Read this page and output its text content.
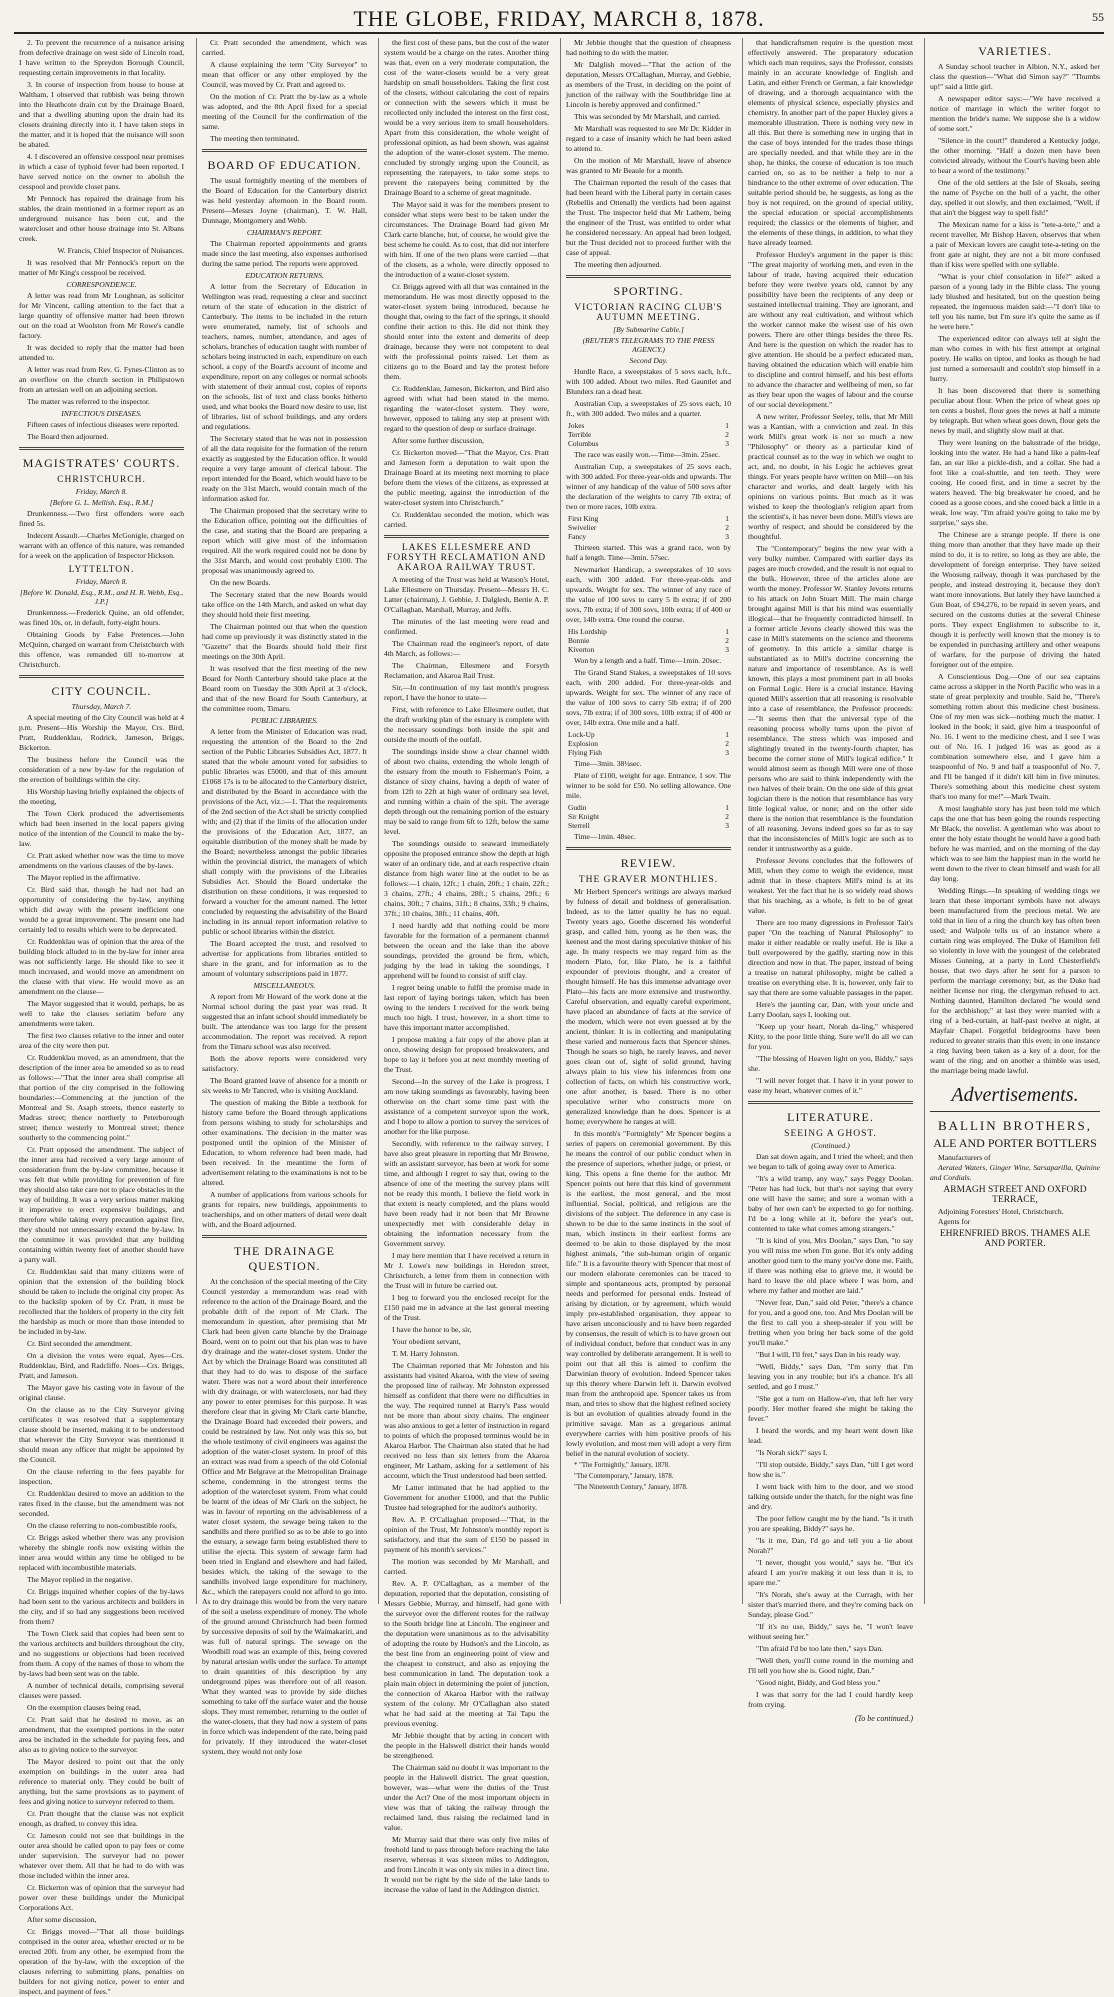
THE GLOBE, FRIDAY, MARCH 8, 1878.	55

2. To prevent the recurrence of a nuisance arising from defective drainage on west side of Lincoln road, I have written to the Spreydon Borough Council, requesting certain improvements in that locality.

3. In course of inspection from house to house at Waltham, I observed that rubbish was being thrown into the Heathcote drain cut by the Drainage Board, and that a dwelling abutting upon the drain had its closets draining directly into it. I have taken steps in the matter, and it is hoped that the nuisance will soon be abated.

4. I discovered an offensive cesspool near premises in which a case of typhoid fever had been reported. I have served notice on the owner to abolish the cesspool and provide closet pans.

Mr Pennock has repaired the drainage from his stables, the drain mentioned in a former report as an underground nuisance has been cut, and the watercloset and other house drainage into St. Albans creek.

W. Francis, Chief Inspector of Nuisances.

It was resolved that Mr Pennock's report on the matter of Mr King's cesspool be received.

CORRESPONDENCE.

A letter was read from Mr Loughnan, as solicitor for Mr Vincent, calling attention to the fact that a large quantity of offensive matter had been thrown out on the road at Woolston from Mr Rowe's candle factory.

It was decided to reply that the matter had been attended to.

A letter was read from Rev. G. Fynes-Clinton as to an overflow on the church section in Philipstown from an artesian well on an adjoining section.

The matter was referred to the inspector.

INFECTIOUS DISEASES.

Fifteen cases of infectious diseases were reported.

The Board then adjourned.

MAGISTRATES' COURTS.
CHRISTCHURCH.
Friday, March 8.
[Before G. L. Mellish, Esq., R.M.]

Drunkenness.—Two first offenders were each fined 5s.

Indecent Assault.—Charles McGonigle, charged on warrant with an offence of this nature, was remanded for a week on the application of Inspector Hickson.

LYTTELTON.
Friday, March 8.
[Before W. Donald, Esq., R.M., and H. R. Webb, Esq., J.P.]

Drunkenness.—Frederick Quine, an old offender, was fined 10s, or, in default, forty-eight hours.

Obtaining Goods by False Pretences.—John McQuinn, charged on warrant from Christchurch with this offence, was remanded till to-morrow at Christchurch.

CITY COUNCIL.
Thursday, March 7.

A special meeting of the City Council was held at 4 p.m. Present—His Worship the Mayor, Crs. Bird, Pratt, Ruddenklau, Rodrick, Jameson, Briggs, Bickerton.

The business before the Council was the consideration of a new by-law for the regulation of the erection of buildings within the city.

His Worship having briefly explained the objects of the meeting,

The Town Clerk produced the advertisements which had been inserted in the local papers giving notice of the intention of the Council to make the by-law.

Cr. Pratt asked whether now was the time to move amendments on the various clauses of the by-laws.

The Mayor replied in the affirmative.

Cr. Bird said that, though he had not had an opportunity of considering the by-law, anything which did away with the present inefficient one would be a great improvement. The present one had certainly led to results which were to be deprecated.

Cr. Ruddenklau was of opinion that the area of the building block alluded to in the by-law for inner area was not sufficiently large. He should like to see it much increased, and would move an amendment on the clause with that view. He would move as an amendment on the clause—

The Mayor suggested that it would, perhaps, be as well to take the clauses seriatim before any amendments were taken.

The first two clauses relative to the inner and outer area of the city were then put.

Cr. Ruddenklau moved, as an amendment, that the description of the inner area be amended so as to read as follows:—"That the inner area shall comprise all that portion of the city comprised in the following boundaries:—Commencing at the junction of the Montreal and St. Asaph streets, thence easterly to Madras street; thence northerly to Peterborough street; thence westerly to Montreal street; thence southerly to the commencing point."

Cr. Pratt opposed the amendment. The subject of the inner area had received a very large amount of consideration from the by-law committee, because it was felt that while providing for prevention of fire they should also take care not to place obstacles in the way of building. It was a very serious matter making it imperative to erect expensive buildings, and therefore while taking every precaution against fire, they should not unnecessarily extend the by-law. In the committee it was provided that any building containing within twenty feet of another should have a party wall.

Cr. Ruddenklau said that many citizens were of opinion that the extension of the building block should be taken to include the original city proper. As to the backslip spoken of by Cr. Pratt, it must be recollected that the holders of property in the city felt the hardship as much or more than those intended to be included in by-law.

Cr. Bird seconded the amendment.

On a division the votes were equal, Ayes—Crs. Ruddenklau, Bird, and Radcliffe. Noes—Crs. Briggs, Pratt, and Jameson.

The Mayor gave his casting vote in favour of the original clause.

On the clause as to the City Surveyor giving certificates it was resolved that a supplementary clause should be inserted, making it to be understood that wherever the City Surveyor was mentioned it should mean any officer that might be appointed by the Council.

On the clause referring to the fees payable for inspection,

Cr. Ruddenklau desired to move an addition to the rates fixed in the clause, but the amendment was not seconded.

On the clause referring to non-combustible roofs,

Cr. Briggs asked whether there was any provision whereby the shingle roofs now existing within the inner area would within any time be obliged to be replaced with incombustible materials.

The Mayor replied in the negative.

Cr. Briggs inquired whether copies of the by-laws had been sent to the various architects and builders in the city, and if so had any suggestions been received from them?

The Town Clerk said that copies had been sent to the various architects and builders throughout the city, and no suggestions or objections had been received from them. A copy of the names of those to whom the by-laws had been sent was on the table.

A number of technical details, comprising several clauses were passed.

On the exemption clauses being read,

Cr. Pratt said that he desired to move, as an amendment, that the exempted portions in the outer area be included in the schedule for paying fees, and also as to giving notice to the surveyor.

The Mayor desired to point out that the only exemption on buildings in the outer area had reference to material only. They could be built of anything, but the same provisions as to payment of fees and giving notice to surveyor referred to them.

Cr. Pratt thought that the clause was not explicit enough, as drafted, to convey this idea.

Cr. Jameson could not see that buildings in the outer area should be called upon to pay fees or come under supervision. The surveyor had no power whatever over them. All that he had to do with was those included within the inner area.

Cr. Bickerton was of opinion that the surveyor had power over these buildings under the Municipal Corporations Act.

After some discussion,

Cr. Briggs moved—"That all those buildings comprised in the outer area, whether erected or to be erected 20ft. from any other, be exempted from the operation of the by-law, with the exception of the clauses referring to submitting plans, penalties on builders for not giving notice, power to enter and inspect, and payment of fees."

Cr. Pratt seconded the amendment, which was carried.

A clause explaining the term "City Surveyor" to mean that officer or any other employed by the Council, was moved by Cr. Pratt and agreed to.

On the motion of Cr. Pratt the by-law as a whole was adopted, and the 8th April fixed for a special meeting of the Council for the confirmation of the same.

The meeting then terminated.

BOARD OF EDUCATION.

The usual fortnightly meeting of the members of the Board of Education for the Canterbury district was held yesterday afternoon in the Board room. Present—Messrs Joyne (chairman), T. W. Hall, Dunnage, Montgomery and Webb.

CHAIRMAN'S REPORT.

The Chairman reported appointments and grants made since the last meeting, also expenses authorised during the same period. The reports were approved.

EDUCATION RETURNS.

A letter from the Secretary of Education in Wellington was read, requesting a clear and succinct return of the state of education in the district of Canterbury. The items to be included in the return were enumerated, namely, list of schools and teachers, names, number, attendance, and ages of scholars, branches of education taught with number of scholars being instructed in each, expenditure on each school, a copy of the Board's account of income and expenditure, report on any colleges or normal schools with statement of their annual cost, copies of reports on the schools, list of text and class books hitherto used, and what books the Board now desire to use, list of libraries, list of school buildings, and any orders and regulations.

The Secretary stated that he was not in possession of all the data requisite for the formation of the return exactly as suggested by the Education office. It would require a very large amount of clerical labour. The report intended for the Board, which would have to be ready on the 31st March, would contain much of the information asked for.

The Chairman proposed that the secretary write to the Education office, pointing out the difficulties of the case, and stating that the Board are preparing a report which will give most of the information required. All the work required could not be done by the 31st March, and would cost probably £100. The proposal was unanimously agreed to.

On the new Boards.

The Secretary stated that the new Boards would take office on the 14th March, and asked on what day they should hold their first meeting.

The Chairman pointed out that when the question had come up previously it was distinctly stated in the "Gazette" that the Boards should hold their first meetings on the 30th April.

It was resolved that the first meeting of the new Board for North Canterbury should take place at the Board room on Tuesday the 30th April at 3 o'clock, and that of the new Board for South Canterbury, at the committee room, Timaru.

PUBLIC LIBRARIES.

A letter from the Minister of Education was read, requesting the attention of the Board to the 2nd section of the Public Libraries Subsidies Act, 1877. It stated that the whole amount voted for subsidies to public libraries was £5000, and that of this amount £1068 17s is to be allocated to the Canterbury district, and distributed by the Board in accordance with the provisions of the Act, viz.:—1. That the requirements of the 2nd section of the Act shall be strictly complied with; and (2) that if the limits of the allocation under the provisions of the Education Act, 1877, an equitable distribution of the money shall be made by the Board; nevertheless amongst the public libraries within the provincial district, the managers of which shall comply with the provisions of the Libraries Subsidies Act. Should the Board undertake the distribution on these conditions, it was requested to forward a voucher for the amount named. The letter concluded by requesting the advisability of the Board including in its annual report information relative to public or school libraries within the district.

The Board accepted the trust, and resolved to advertise for applications from libraries entitled to share in the grant, and for information as to the amount of voluntary subscriptions paid in 1877.

MISCELLANEOUS.

A report from Mr Howard of the work done at the Normal school during the past year was read. It suggested that an infant school should immediately be built. The attendance was too large for the present accommodation. The report was received. A report from the Timaru school was also received.

Both the above reports were considered very satisfactory.

The Board granted leave of absence for a month or six weeks to Mr Tancred, who is visiting Auckland.

The question of making the Bible a textbook for history came before the Board through applications from persons wishing to study for scholarships and other examinations. The decision in the matter was postponed until the opinion of the Minister of Education, to whom reference had been made, had been received. In the meantime the form of advertisement relating to the examinations is not to be altered.

A number of applications from various schools for grants for repairs, new buildings, appointments to teacherships, and on other matters of detail were dealt with, and the Board adjourned.

THE DRAINAGE QUESTION.

At the conclusion of the special meeting of the City Council yesterday a memorandum was read with reference to the action of the Drainage Board, and the probable drift of the report of Mr Clark. The memorandum in question, after premising that Mr Clark had been given carte blanche by the Drainage Board, went on to point out that his plan was to have dry drainage and the water-closet system. Under the Act by which the Drainage Board was constituted all that they had to do was to dispose of the surface water. There was not a word about their interference with dry drainage, or with waterclosets, nor had they any power to enter premises for this purpose. It was therefore clear that in giving Mr Clark carte blanche, the Drainage Board had exceeded their powers, and could be restrained by law. Not only was this so, but the whole testimony of civil engineers was against the adoption of the water-closet system. In proof of this an extract was read from a speech of the old Colonial Office and Mr Belgrave at the Metropolitan Drainage scheme, condemning in the strongest terms the adoption of the watercloset system. From what could be learnt of the ideas of Mr Clark on the subject, he was in favour of reporting on the advisableness of a water closet system, the sewage being taken to the sandhills and there purified so as to be able to go into the estuary, a sewage farm being established there to utilise the ejecta. This system of sewage farm had been tried in England and elsewhere and had failed, besides which, the taking of the sewage to the sandhills involved large expenditure for machinery, &c., which the ratepayers could not afford to go into. As to dry drainage this would be from the very nature of the soil a useless expenditure of money. The whole of the ground around Christchurch had been formed by successive deposits of soil by the Waimakariri, and was full of natural springs. The sewage on the Woodhill road was an example of this, being covered by natural artesian wells under the surface. To attempt to drain quantities of this description by any underground pipes was therefore out of all reason. What they wanted was to provide by side ditches something to take off the surface water and the house slops. They must remember, returning to the outlet of the water-closets, that they had now a system of pans in force which was independent of the rate, being paid for privately. If they introduced the water-closet system, they would not only lose

the first cost of these pans, but the cost of the water system would be a charge on the rates. Another thing was that, even on a very moderate computation, the cost of the water-closets would be a very great hardship on small householders. Taking the first cost of the closets, without calculating the cost of repairs or connection with the sewers which it must be recollected only included the interest on the first cost, would be a very serious item to small householders. Apart from this consideration, the whole weight of professional opinion, as had been shown, was against the adoption of the water-closet system. The memo. concluded by strongly urging upon the Council, as representing the ratepayers, to take some steps to prevent the ratepayers being committed by the Drainage Board to a scheme of great magnitude.

The Mayor said it was for the members present to consider what steps were best to be taken under the circumstances. The Drainage Board had given Mr Clark carte blanche, but, of course, he would give the best scheme he could. As to cost, that did not interfere with him. If one of the two plans were carried —that of the closets, as a whole, were directly opposed to the introduction of a water-closet system.

Cr. Briggs agreed with all that was contained in the memorandum. He was most directly opposed to the water-closet system being introduced, because he thought that, owing to the fact of the springs, it should confine their action to this. He did not think they should enter into the extent and demerits of deep drainage, because they were not competent to deal with the professional points raised. Let them as citizens go to the Board and lay the protest before them.

Cr. Ruddenklau, Jameson, Bickerton, and Bird also agreed with what had been stated in the memo. regarding the water-closet system. They were, however, opposed to taking any step at present with regard to the question of deep or surface drainage.

After some further discussion,

Cr. Bickerton moved—"That the Mayor, Crs. Pratt and Jameson form a deputation to wait upon the Drainage Board at its meeting next morning to place before them the views of the citizens, as expressed at the public meeting, against the introduction of the water-closet system into Christchurch."

Cr. Ruddenklau seconded the motion, which was carried.

LAKES ELLESMERE AND FORSYTH RECLAMATION AND AKAROA RAILWAY TRUST.

A meeting of the Trust was held at Watson's Hotel, Lake Ellesmere on Thursday. Present—Messrs H. C. Latter (chairman), J. Gebbie, J. Dalglesh, Bertie A. P. O'Callaghan, Marshall, Murray, and Jeffs.

The minutes of the last meeting were read and confirmed.

The Chairman read the engineer's report, of date 4th March, as follows:—

The Chairman, Ellesmere and Forsyth Reclamation, and Akaroa Rail Trust.

Sir,—In continuation of my last month's progress report, I have the honor to state—

First, with reference to Lake Ellesmere outlet, that the draft working plan of the estuary is complete with the necessary soundings both inside the spit and outside the mouth of the outfall.

The soundings inside show a clear channel width of about two chains, extending the whole length of the estuary from the mouth to Fisherman's Point, a distance of sixty chains, having a depth of water of from 12ft to 22ft at high water of ordinary sea level, and running within a chain of the spit. The average depth through out the remaining portion of the estuary may be said to range from 6ft to 12ft, below the same level.

The soundings outside to seaward immediately opposite the proposed entrance show the depth at high water of an ordinary tide, and at each respective chain distance from high water line at the outlet to be as follows:—1 chain, 12ft.; 1 chain, 20ft.; 1 chain, 22ft.; 3 chains, 27ft.; 4 chains, 28ft.; 5 chains, 29ft.; 6 chains, 30ft.; 7 chains, 31ft.; 8 chains, 33ft.; 9 chains, 37ft.; 10 chains, 38ft.; 11 chains, 40ft.

I need hardly add that nothing could be more favorable for the formation of a permanent channel between the ocean and the lake than the above soundings, provided the ground be firm, which, judging by the lead in taking the soundings, I apprehend will be found to consist of stiff clay.

I regret being unable to fulfil the promise made in last report of laying borings taken, which has been owing to the tenders I received for the work being much too high. I trust, however, in a short time to have this important matter accomplished.

I propose making a fair copy of the above plan at once, showing design for proposed breakwaters, and hope to lay it before you at next monthly meeting of the Trust.

Second—In the survey of the Lake is progress, I am now taking soundings as favourably, having been otherwise on the chart some time past with the assistance of a competent surveyor upon the work, and I hope to allow a portion to survey the services of another for the like purpose.

Secondly, with reference to the railway survey, I have also great pleasure in reporting that Mr Browne, with an assistant surveyor, has been at work for some time, and although I regret to say that, owing to the absence of one of the meeting the survey plans will not be ready this month, I believe the field work in that extent is nearly completed, and the plans would have been ready had it not been that Mr Browne unexpectedly met with considerable delay in obtaining the information necessary from the Government survey.

I may here mention that I have received a return in Mr J. Lowe's new buildings in Heredon street, Christchurch, a letter from them in connection with the Trust will in future be carried out.

I beg to forward you the enclosed receipt for the £150 paid me in advance at the last general meeting of the Trust.

I have the honor to be, sir,

Your obedient servant,

T. M. Harry Johnston.

The Chairman reported that Mr Johnston and his assistants had visited Akaroa, with the view of seeing the proposed line of railway. Mr Johnston expressed himself as confident that there were no difficulties in the way. The required tunnel at Barry's Pass would not be more than about sixty chains. The engineer was also anxious to get a letter of instruction in regard to points of which the proposed terminus would be in Akaroa Harbor. The Chairman also stated that he had received no less than six letters from the Akaroa engineer, Mr Latham, asking for a settlement of his account, which the Trust understood had been settled.

Mr Latter intimated that he had applied to the Government for another £1000, and that the Public Trustee had telegraphed for the auditor's authority.

Rev. A. P. O'Callaghan proposed—"That, in the opinion of the Trust, Mr Johnston's monthly report is satisfactory, and that the sum of £150 be passed in payment of his month's services."

The motion was seconded by Mr Marshall, and carried.

Rev. A. P. O'Callaghan, as a member of the deputation, reported that the deputation, consisting of Messrs Gebbie, Murray, and himself, had gone with the surveyor over the different routes for the railway to the South bridge line at Lincoln. The engineer and the deputation were unanimous as to the advisability of adopting the route by Hudson's and the Lincoln, as the best line from an engineering point of view and the cheapest to construct, and also as enjoying the best communication in land. The deputation took a plain main object in determining the point of junction, the connection of Akaroa Harbor with the railway system of the colony. Mr O'Callaghan also stated what he had said at the meeting at Tai Tapu the previous evening.

Mr Jebbie thought that by acting in concert with the people in the Halswell district their hands would be strengthened.

The Chairman said no doubt it was important to the people in the Halswell district. The great question, however, was—what were the duties of the Trust under the Act? One of the most important objects in view was that of taking the railway through the reclaimed land, thus raising the reclaimed land in value.

Mr Murray said that there was only five miles of freehold land to pass through before reaching the lake reserve, whereas it was sixteen miles to Addington, and from Lincoln it was only six miles in a direct line. It would not be right by the side of the lake lands to increase the value of land in the Addington district.

Mr Jebbie thought that the question of cheapness had nothing to do with the matter.

Mr Dalglish moved—"That the action of the deputation, Messrs O'Callaghan, Murray, and Gebbie, as members of the Trust, in deciding on the point of junction of the railway with the Southbridge line at Lincoln is hereby approved and confirmed."

This was seconded by Mr Marshall, and carried.

Mr Marshall was requested to see Mr Dr. Kidder in regard to a case of insanity which he had been asked to attend to.

On the motion of Mr Marshall, leave of absence was granted to Mr Beaule for a month.

The Chairman reported the result of the cases that had been heard with the Liberal party in certain cases (Rebellis and Ottenall) the verdicts had been against the Trust. The inspector held that Mr Lathem, being the engineer of the Trust, was entitled to order what he considered necessary. An appeal had been lodged, but the Trust decided not to proceed further with the case of appeal.

The meeting then adjourned.

SPORTING.
VICTORIAN RACING CLUB'S AUTUMN MEETING.
[By Submarine Cable.]
(REUTER'S TELEGRAMS TO THE PRESS AGENCY.)
Second Day.

Hurdle Race, a sweepstakes of 5 sovs each, h.ft., with 100 added. About two miles. Red Gauntlet and Blunders ran a dead heat.

Australian Cup, a sweepstakes of 25 sovs each, 10 ft., with 300 added. Two miles and a quarter.

Jokes	1
Terrible	2
Columbus	3

The race was easily won.—Time—3min. 25sec.

Australian Cup, a sweepstakes of 25 sovs each, with 300 added. For three-year-olds and upwards. The winner of any handicap of the value of 500 sovs after the declaration of the weights to carry 7lb extra; of two or more races, 10lb extra.

First King	1
Swivelier	2
Fancy	3

Thirteen started. This was a grand race, won by half a length. Time—3min. 57sec.

Newmarket Handicap, a sweepstakes of 10 sovs each, with 300 added. For three-year-olds and upwards. Weight for sex. The winner of any race of the value of 100 sovs to carry 5 lb extra; if of 200 sovs, 7lb extra; if of 300 sovs, 10lb extra; if of 400 or over, 14lb extra. One round the course.

His Lordship	1
Bonnie	2
Kiverton	3

Won by a length and a half. Time—1min. 20sec.

The Grand Stand Stakes, a sweepstakes of 10 sovs each, with 200 added. For three-year-olds and upwards. Weight for sex. The winner of any race of the value of 100 sovs to carry 5lb extra; if of 200 sovs, 7lb extra; if of 300 sovs, 10lb extra; if of 400 or over, 14lb extra. One mile and a half.

Lock-Up	1
Explosion	2
Flying Fish	3

Time—3min. 38¼sec.

Plate of £100, weight for age. Entrance, 1 sov. The winner to be sold for £50. No selling allowance. One mile.

Gudin	1
Sir Knight	2
Sterrell	3

Time—1min. 48sec.

REVIEW.
THE GRAVER MONTHLIES.

Mr Herbert Spencer's writings are always marked by fulness of detail and boldness of generalisation. Indeed, as to the latter quality he has no equal. Twenty years ago, Goethe discerned his wonderful grasp, and called him, young as he then was, the keenest and the most daring speculative thinker of his age. In many respects we may regard him as the modern Plato, for, like Plato, he is a faithful expounder of previous thought, and a creator of thought himself. He has this immense advantage over Plato—his facts are more extensive and trustworthy. Careful observation, and equally careful experiment, have placed an abundance of facts at the service of the modern, which were not even guessed at by the ancient, thinker. It is in collecting and manipulating these varied and numerous facts that Spencer shines. Though he soars so high, he rarely leaves, and never goes clean out of, sight of solid ground, having always plain to his view his inferences from one collection of facts, on which his constructive work, one after another, is based. There is no other speculative writer who constructs more on generalized knowledge than he does. Spencer is at home; everywhere he ranges at will.

In this month's "Fortnightly" Mr Spencer begins a series of papers on ceremonial government. By this he means the control of our public conduct when in the presence of superiors, whether judge, or priest, or king. This opens a fine theme for the author. Mr Spencer points out here that this kind of government is the earliest, the most general, and the most influential. Social, political, and religious are the divisions of the subject. The deference in any case is shown to be due to the same instincts in the soul of man, which instincts in their earliest forms are deemed to be akin to those displayed by the most highest animals, "the sub-human origin of organic life." It is a favourite theory with Spencer that most of our modern elaborate ceremonies can be traced to simple and spontaneous acts, prompted by personal needs and performed for personal ends. Instead of arising by dictation, or by agreement, which would imply pre-established organisation, they appear to have arisen unconsciously and to have been regarded by consensus, the result of which is to have grown out of individual conduct, before that conduct was in any way controlled by deliberate arrangement. It is well to point out that all this is aimed to confirm the Darwinian theory of evolution. Indeed Spencer takes up this theory where Darwin left it. Darwin evolved man from the anthropoid ape. Spencer takes us from man, and tries to show that the highest refined society is but an evolution of qualities already found in the primitive savage. Man as a gregarious animal everywhere carries with him positive proofs of his lowly evolution, and most men will adopt a very firm belief in the natural evolution of society.

* "The Fortnightly," January, 1878.

"The Contemporary," January, 1878.

"The Nineteenth Century," January, 1878.

that handicraftsmen require is the question most effectively answered. The preparatory education which each man requires, says the Professor, consists mainly in an accurate knowledge of English and Latin, and either French or German, a fair knowledge of drawing, and a thorough acquaintance with the elements of physical science, especially physics and chemistry. In another part of the paper Huxley gives a memorable illustration. There is nothing very new in all this. But there is something new in urging that in the case of boys intended for the trades those things are specially needed, and that while they are in the shop, he thinks, the course of education is too much carried on, so as to be neither a help to nor a hindrance to the other extreme of over education. The suitable period should be, he suggests, as long as the boy is not required, on the ground of special utility, the special education or special accomplishments required; the classics or the elements of higher, and the elements of these things, in addition, to what they have already learned.

Professor Huxley's argument in the paper is this: "The great majority of working men, and even in the labour of trade, having acquired their education before they were twelve years old, cannot by any possibility have been the recipients of any deep or sustained intellectual training. They are ignorant, and are without any real cultivation, and without which the worker cannot make the wisest use of his own powers. There are other things besides the three Rs. And here is the question on which the reader has to give attention. He should be a perfect educated man, having obtained the education which will enable him to discipline and control himself, and his best efforts to advance the character and wellbeing of men, so far as they bear upon the wages of labour and the course of our social development."

A new writer, Professor Seeley, tells, that Mr Mill was a Kantian, with a conviction and zeal. In this work Mill's great work is not so much a new "Philosophy" or theory as a particular kind of practical counsel as to the way in which we ought to act, and, no doubt, in his Logic he achieves great things. For years people have written on Mill—on his character and works, and dealt largely with his opinions on various points. But much as it was wished to keep the theologian's religion apart from the scientist's, it has never been done. Mill's views are worthy of respect, and should be considered by the thoughtful.

The "Contemporary" begins the new year with a very bulky number. Compared with earlier days its pages are much crowded, and the result is not equal to the bulk. However, three of the articles alone are worth the money. Professor W. Stanley Jevons returns to his attack on John Stuart Mill. The main charge brought against Mill is that his mind was essentially illogical—that he frequently contradicted himself. In a former article Jevons clearly showed this was the case in Mill's statements on the science and theorems of geometry. In this article a similar charge is substantiated as to Mill's doctrine concerning the nature and importance of resemblance. As is well known, this plays a most prominent part in all books on Formal Logic. Here is a crucial instance. Having quoted Mill's assertion that all reasoning is resolvable into a case of resemblance, the Professor proceeds:—"It seems then that the universal type of the reasoning process wholly turns upon the pivot of resemblance. The stress which was imposed and slightingly treated in the twenty-fourth chapter, has become the corner stone of Mill's logical edifice." It would almost seem as though Mill were one of those persons who are said to think independently with the two halves of their brain. On the one side of this great logician there is the notion that resemblance has very little logical value, or none; and on the other side there is the notion that resemblance is the foundation of all reasoning. Jevons indeed goes so far as to say that the inconsistencies of Mill's logic are such as to render it untrustworthy as a guide.

Professor Jevons concludes that the followers of Mill, when they come to weigh the evidence, must admit that in these chapters Mill's mind is at its weakest. Yet the fact that he is so widely read shows that his teaching, as a whole, is felt to be of great value.

There are too many digressions in Professor Tait's paper "On the teaching of Natural Philosophy" to make it either readable or really useful. He is like a bull overpowered by the gadfly, starting now in this direction and now in that. The paper, instead of being a treatise on natural philosophy, might be called a treatise on everything else. It is, however, only fair to say that there are some valuable passages in the paper.

Here's the jaunting car, Dan, with your uncle and Larry Doolan, says I, looking out.

"Keep up your heart, Norah da-ling," whispered Kitty, to the poor little thing. Sure we'll do all we can for you.

"The blessing of Heaven light on you, Biddy," says she.

"I will never forget that. I have it in your power to ease my heart, whatever comes of it."

LITERATURE.
SEEING A GHOST.
(Continued.)

Dan sat down again, and I tried the wheel; and then we began to talk of going away over to America.

"It's a wild tramp, any way," says Peggy Doolan. "Peter has had luck, but that's not saying that every one will have the same; and sure a woman with a baby of her own can't be expected to go for nothing. I'd be a long while at it, before the year's out, contented to take what comes among strangers."

"It is kind of you, Mrs Doolan," says Dan, "to say you will miss me when I'm gone. But it's only adding another good turn to the many you've done me. Faith, if there was nothing else to grieve me, it would be hard to leave the old place where I was born, and where my father and mother are laid."

"Never fear, Dan," said old Peter, "there's a chance for you, and a good one, too. And Mrs Doolan will be the first to call you a sheep-stealer if you will be fretting when you bring her back some of the gold you'll make."

"But I will, I'll fret," says Dan in his ready way.

"Well, Biddy," says Dan, "I'm sorry that I'm leaving you in any trouble; but it's a chance. It's all settled, and go I must."

"She got a turn on Hallow-e'en, that left her very poorly. Her mother feared she might be taking the fever."

I heard the words, and my heart went down like lead.

"Is Norah sick?" says I.

"I'll stop outside, Biddy," says Dan, "till I get word how she is."

I went back with him to the door, and we stood talking outside under the thatch, for the night was fine and dry.

The poor fellow caught me by the hand. "Is it truth you are speaking, Biddy?" says he.

"Is it me, Dan, I'd go and tell you a lie about Norah?"

"I never, thought you would," says he. "But it's afeard I am you're making it out less than it is, to spare me."

"It's Norah, she's away at the Curragh, with her sister that's married there, and they're coming back on Sunday, please God."

"If it's no use, Biddy," says he, "I won't leave without seeing her."

"I'm afraid I'd be too late then," says Dan.

"Well then, you'll come round in the morning and I'll tell you how she is. Good night, Dan."

"Good night, Biddy, and God bless you."

I was that sorry for the lad I could hardly keep from crying.

(To be continued.)
VARIETIES.

A Sunday school teacher in Albion, N.Y., asked her class the question—"What did Simon say?" "Thumbs up!" said a little girl.

A newspaper editor says:—"We have received a notice of marriage in which the writer forgot to mention the bride's name. We suppose she is a widow of some sort."

"Silence in the court!" thundered a Kentucky judge, the other morning. "Half a dozen men have been convicted already, without the Court's having been able to hear a word of the testimony."

One of the old settlers at the Isle of Skoals, seeing the name of Psyche on the hull of a yacht, the other day, spelled it out slowly, and then exclaimed, "Well, if that ain't the biggest way to spell fish!"

The Mexican name for a kiss is "tete-a-tete," and a recent traveller, Mr Bishop Haven, observes that when a pair of Mexican lovers are caught tete-a-teting on the front gate at night, they are not a bit more confused than if kiss were spelled with one syllable.

"What is your chief consolation in life?" asked a parson of a young lady in the Bible class. The young lady blushed and hesitated, but on the question being repeated, the ingenuous maiden said:—"I don't like to tell you his name, but I'm sure it's quite the same as if he were here."

The experienced editor can always tell at sight the man who comes in with his first attempt at original poetry. He walks on tiptoe, and looks as though he had just turned a somersault and couldn't stop himself in a hurry.

It has been discovered that there is something peculiar about flour. When the price of wheat goes up ten cents a bushel, flour goes the news at half a minute by telegraph. But when wheat goes down, flour gets the news by mail, and slightly slow mail at that.

They were leaning on the balustrade of the bridge, looking into the water. He had a hand like a palm-leaf fan, an ear like a pickle-dish, and a collar. She had a foot like a coal-shuttle, and ten teeth. They were cooing. He cooed first, and in time a secret by the waters heaved. The big breakwater he cooed, and he cooed as a goose cooes, and she cooed back a little in a weak, low way. "I'm afraid you're going to take me by surprise," says she.

The Chinese are a strange people. If there is one thing more than another that they have made up their mind to do, it is to retire, so long as they are able, the development of foreign enterprise. They have seized the Woosung railway, though it was purchased by the people, and instead destroying it, because they don't want more innovations. But lately they have launched a Gun Boat, of £94,276, to be repaid in seven years, and secured on the customs duties at the several Chinese ports. They expect Englishmen to subscribe to it, though it is perfectly well known that the money is to be expended in purchasing artillery and other weapons of warfare, for the purpose of driving the hated foreigner out of the empire.

A Conscientious Dog.—One of our sea captains came across a skipper in the North Pacific who was in a state of great perplexity and trouble. Said he, "There's something rotten about this medicine chest business. One of my men was sick—nothing much the matter. I looked in the book; it said, give him a teaspoonful of No. 16. I went to the medicine chest, and I see I was out of No. 16. I judged 16 was as good as a combination somewhere else, and I gave him a teaspoonful of No. 9 and half a teaspoonful of No. 7, and I'll be hanged if it didn't kill him in five minutes. There's something about this medicine chest system that's too many for me!"—Mark Twain.

A most laughable story has just been told me which caps the one that has been going the rounds respecting Mr Black, the novelist. A gentleman who was about to enter the holy estate thought he would have a good bath before he was married, and on the morning of the day which was to see him the happiest man in the world he went down to the river to clean himself and wash for all day long.

Wedding Rings.—In speaking of wedding rings we learn that these important symbols have not always been manufactured from the precious metal. We are told that in lieu of a ring the church key has often been used; and Walpole tells us of an instance where a curtain ring was employed. The Duke of Hamilton fell so violently in love with the youngest of the celebrated Misses Gunning, at a party in Lord Chesterfield's house, that two days after he sent for a parson to perform the marriage ceremony; but, as the Duke had neither license nor ring, the clergyman refused to act. Nothing daunted, Hamilton declared "he would send for the archbishop;" at last they were married with a ring of a bed-curtain, at half-past twelve at night, at Mayfair Chapel. Forgetful bridegrooms have been reduced to greater straits than this even; in one instance a ring having been taken as a key of a door, for the want of the ring; and on another a thimble was used, the marriage being made lawful.

Advertisements.
BALLIN BROTHERS,
ALE AND PORTER BOTTLERS

Manufacturers of

Aerated Waters, Ginger Wine, Sarsaparilla, Quinine and Cordials.

ARMAGH STREET AND OXFORD TERRACE,

Adjoining Foresters' Hotel, Christchurch.

Agents for

EHRENFRIED BROS. THAMES ALE AND PORTER.
